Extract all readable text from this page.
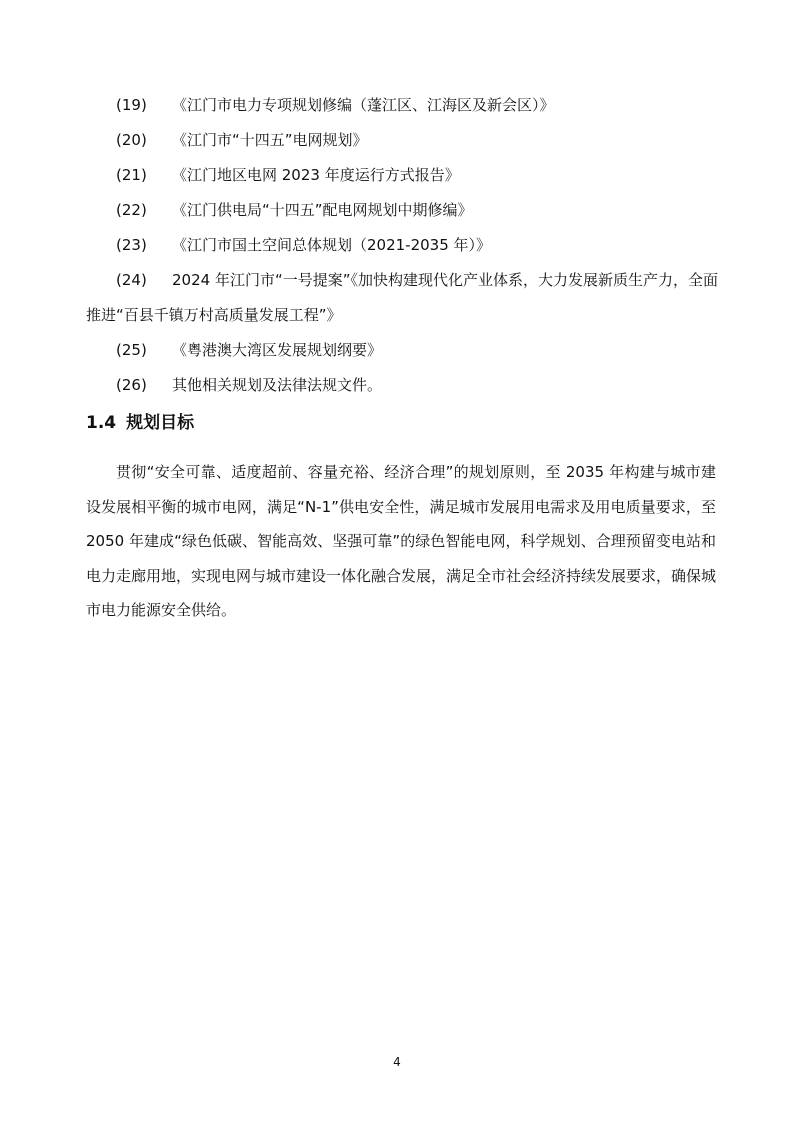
(19) 《江门市电力专项规划修编（蓬江区、江海区及新会区）》
(20) 《江门市“十四五”电网规划》
(21) 《江门地区电网 2023 年度运行方式报告》
(22) 《江门供电局“十四五”配电网规划中期修编》
(23) 《江门市国土空间总体规划（2021-2035 年）》
(24) 2024 年江门市“一号提案”《加快构建现代化产业体系，大力发展新质生产力，全面推进“百县千镇万村高质量发展工程”》
(25) 《粤港澳大湾区发展规划纲要》
(26) 其他相关规划及法律法规文件。
1.4 规划目标

贯彻“安全可靠、适度超前、容量充裕、经济合理”的规划原则，至 2035 年构建与城市建设发展相平衡的城市电网，满足“N-1”供电安全性，满足城市发展用电需求及用电质量要求，至 2050 年建成“绿色低碳、智能高效、坚强可靠”的绿色智能电网，科学规划、合理预留变电站和电力走廊用地，实现电网与城市建设一体化融合发展，满足全市社会经济持续发展要求，确保城市电力能源安全供给。

4
